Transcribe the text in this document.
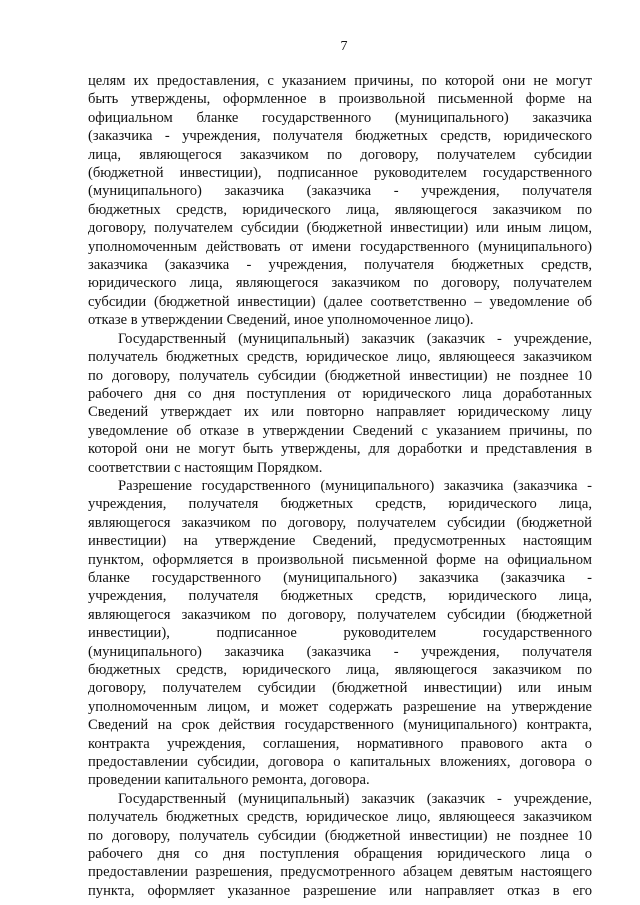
7

целям их предоставления, с указанием причины, по которой они не могут
быть утверждены, оформленное в произвольной письменной форме на
официальном бланке государственного (муниципального) заказчика
(заказчика - учреждения, получателя бюджетных средств, юридического
лица, являющегося заказчиком по договору, получателем субсидии
(бюджетной инвестиции), подписанное руководителем государственного
(муниципального) заказчика (заказчика - учреждения, получателя
бюджетных средств, юридического лица, являющегося заказчиком по
договору, получателем субсидии (бюджетной инвестиции) или иным лицом,
уполномоченным действовать от имени государственного (муниципального)
заказчика (заказчика - учреждения, получателя бюджетных средств,
юридического лица, являющегося заказчиком по договору, получателем
субсидии (бюджетной инвестиции) (далее соответственно – уведомление об
отказе в утверждении Сведений, иное уполномоченное лицо).

Государственный (муниципальный) заказчик (заказчик - учреждение,
получатель бюджетных средств, юридическое лицо, являющееся заказчиком
по договору, получатель субсидии (бюджетной инвестиции) не позднее 10
рабочего дня со дня поступления от юридического лица доработанных
Сведений утверждает их или повторно направляет юридическому лицу
уведомление об отказе в утверждении Сведений с указанием причины, по
которой они не могут быть утверждены, для доработки и представления в
соответствии с настоящим Порядком.

Разрешение государственного (муниципального) заказчика (заказчика -
учреждения, получателя бюджетных средств, юридического лица,
являющегося заказчиком по договору, получателем субсидии (бюджетной
инвестиции) на утверждение Сведений, предусмотренных настоящим
пунктом, оформляется в произвольной письменной форме на официальном
бланке государственного (муниципального) заказчика (заказчика -
учреждения, получателя бюджетных средств, юридического лица,
являющегося заказчиком по договору, получателем субсидии (бюджетной
инвестиции), подписанное руководителем государственного
(муниципального) заказчика (заказчика - учреждения, получателя
бюджетных средств, юридического лица, являющегося заказчиком по
договору, получателем субсидии (бюджетной инвестиции) или иным
уполномоченным лицом, и может содержать разрешение на утверждение
Сведений на срок действия государственного (муниципального) контракта,
контракта учреждения, соглашения, нормативного правового акта о
предоставлении субсидии, договора о капитальных вложениях, договора о
проведении капитального ремонта, договора.

Государственный (муниципальный) заказчик (заказчик - учреждение,
получатель бюджетных средств, юридическое лицо, являющееся заказчиком
по договору, получатель субсидии (бюджетной инвестиции) не позднее 10
рабочего дня со дня поступления обращения юридического лица о
предоставлении разрешения, предусмотренного абзацем девятым настоящего
пункта, оформляет указанное разрешение или направляет отказ в его
